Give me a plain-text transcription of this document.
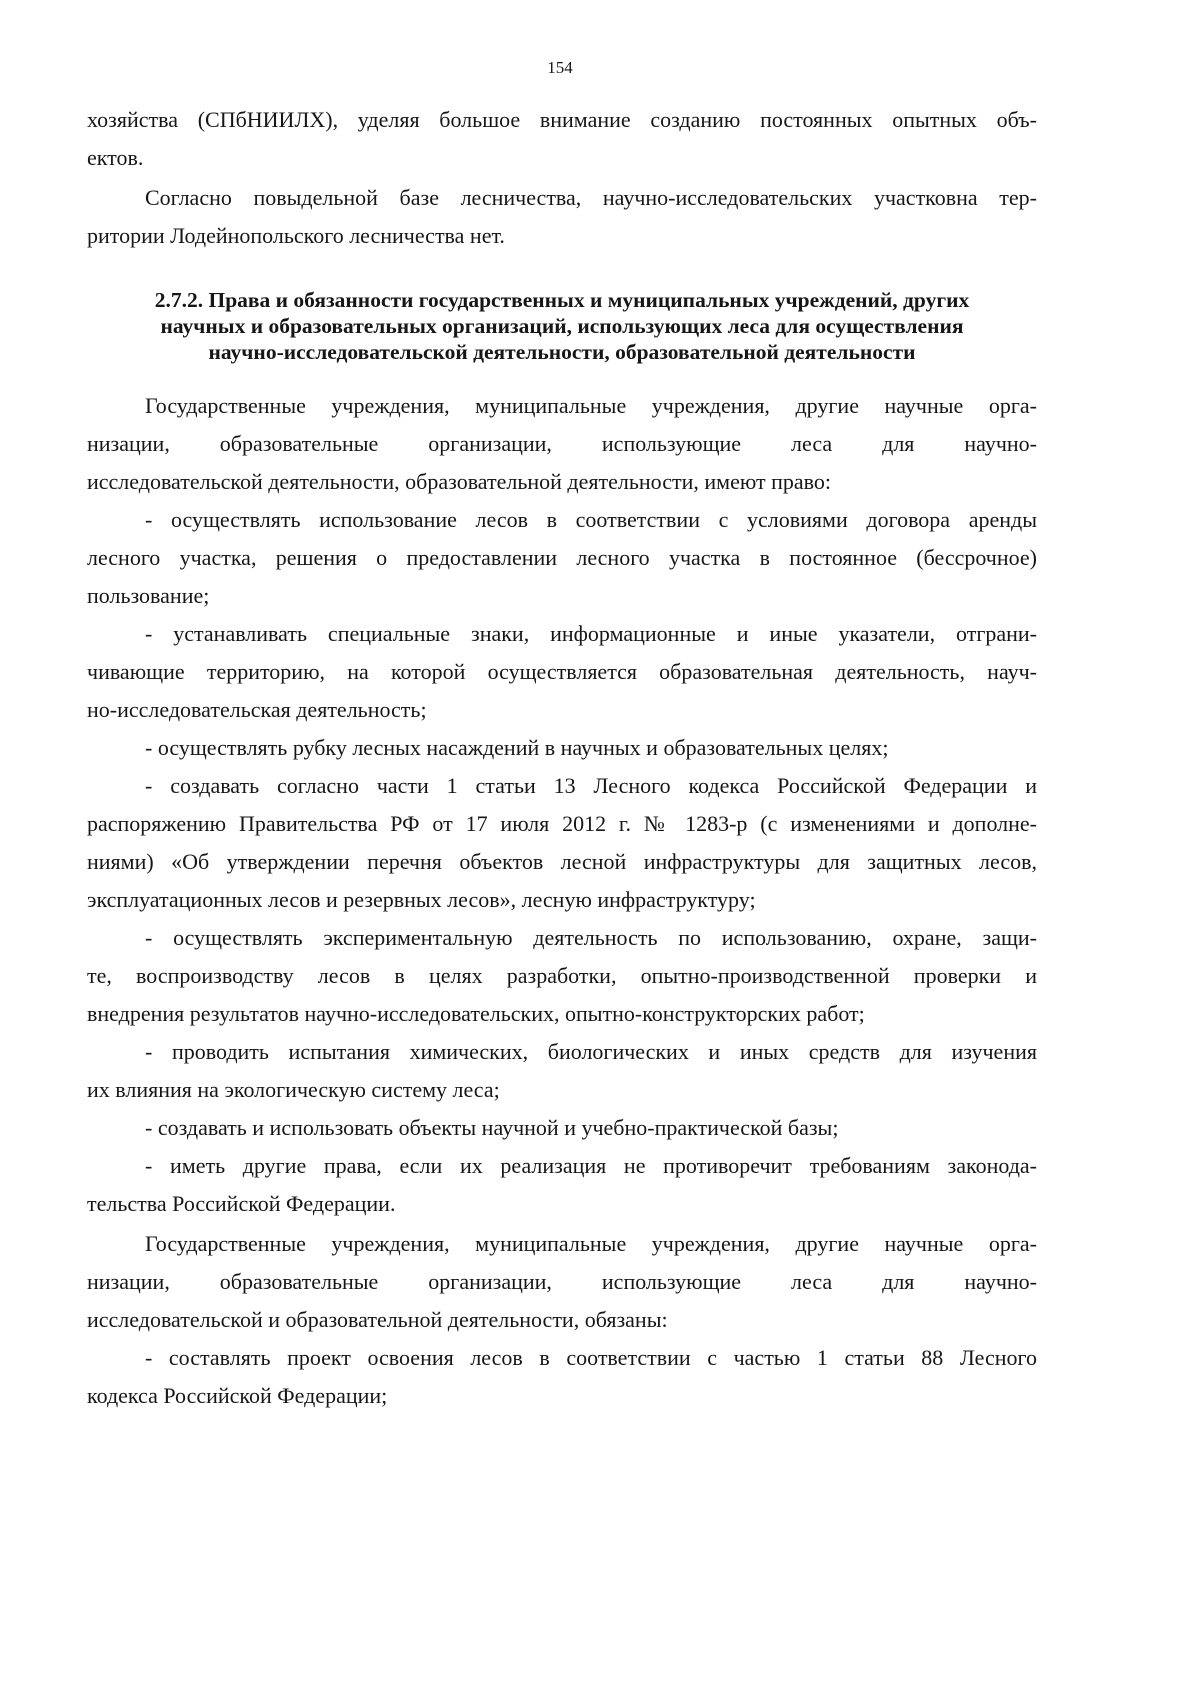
154
хозяйства (СПбНИИЛХ), уделяя большое внимание созданию постоянных опытных объ-
ектов.
Согласно повыдельной базе лесничества, научно-исследовательских участковна тер-
ритории Лодейнопольского лесничества нет.
2.7.2. Права и обязанности государственных и муниципальных учреждений, других
научных и образовательных организаций, использующих леса для осуществления
научно-исследовательской деятельности, образовательной деятельности
Государственные учреждения, муниципальные учреждения, другие научные орга-
низации, образовательные организации, использующие леса для научно-
исследовательской деятельности, образовательной деятельности, имеют право:
- осуществлять использование лесов в соответствии с условиями договора аренды
лесного участка, решения о предоставлении лесного участка в постоянное (бессрочное)
пользование;
- устанавливать специальные знаки, информационные и иные указатели, отграни-
чивающие территорию, на которой осуществляется образовательная деятельность, науч-
но-исследовательская деятельность;
- осуществлять рубку лесных насаждений в научных и образовательных целях;
- создавать согласно части 1 статьи 13 Лесного кодекса Российской Федерации и
распоряжению Правительства РФ от 17 июля 2012 г. № 1283-р (с изменениями и дополне-
ниями) «Об утверждении перечня объектов лесной инфраструктуры для защитных лесов,
эксплуатационных лесов и резервных лесов», лесную инфраструктуру;
- осуществлять экспериментальную деятельность по использованию, охране, защи-
те, воспроизводству лесов в целях разработки, опытно-производственной проверки и
внедрения результатов научно-исследовательских, опытно-конструкторских работ;
- проводить испытания химических, биологических и иных средств для изучения
их влияния на экологическую систему леса;
- создавать и использовать объекты научной и учебно-практической базы;
- иметь другие права, если их реализация не противоречит требованиям законода-
тельства Российской Федерации.
Государственные учреждения, муниципальные учреждения, другие научные орга-
низации, образовательные организации, использующие леса для научно-
исследовательской и образовательной деятельности, обязаны:
- составлять проект освоения лесов в соответствии с частью 1 статьи 88 Лесного
кодекса Российской Федерации;
